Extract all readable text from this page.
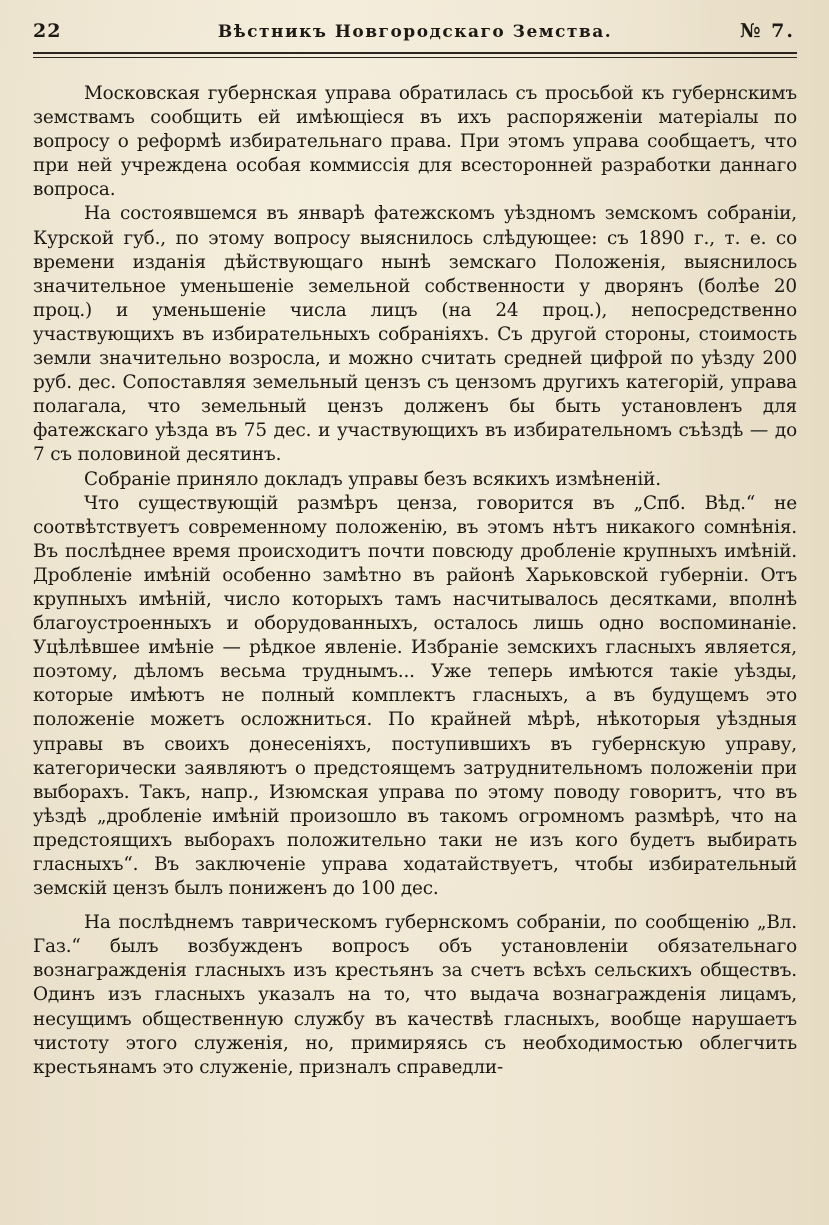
22	Вѣстникъ Новгородскаго Земства.	№ 7.

Московская губернская управа обратилась съ просьбой къ губернскимъ земствамъ сообщить ей имѣющіеся въ ихъ распоряженіи матеріалы по вопросу о реформѣ избирательнаго права. При этомъ управа сообщаетъ, что при ней учреждена особая коммиссія для всесторонней разработки даннаго вопроса.

На состоявшемся въ январѣ фатежскомъ уѣздномъ земскомъ собраніи, Курской губ., по этому вопросу выяснилось слѣдующее: съ 1890 г., т. е. со времени изданія дѣйствующаго нынѣ земскаго Положенія, выяснилось значительное уменьшеніе земельной собственности у дворянъ (болѣе 20 проц.) и уменьшеніе числа лицъ (на 24 проц.), непосредственно участвующихъ въ избирательныхъ собраніяхъ. Съ другой стороны, стоимость земли значительно возросла, и можно считать средней цифрой по уѣзду 200 руб. дес. Сопоставляя земельный цензъ съ цензомъ другихъ категорій, управа полагала, что земельный цензъ долженъ бы быть установленъ для фатежскаго уѣзда въ 75 дес. и участвующихъ въ избирательномъ съѣздѣ — до 7 съ половиной десятинъ.

Собраніе приняло докладъ управы безъ всякихъ измѣненій.

Что существующій размѣръ ценза, говорится въ „Спб. Вѣд.“ не соотвѣтствуетъ современному положенію, въ этомъ нѣтъ никакого сомнѣнія. Въ послѣднее время происходитъ почти повсюду дробленіе крупныхъ имѣній. Дробленіе имѣній особенно замѣтно въ районѣ Харьковской губерніи. Отъ крупныхъ имѣній, число которыхъ тамъ насчитывалось десятками, вполнѣ благоустроенныхъ и оборудованныхъ, осталось лишь одно воспоминаніе. Уцѣлѣвшее имѣніе — рѣдкое явленіе. Избраніе земскихъ гласныхъ является, поэтому, дѣломъ весьма труднымъ... Уже теперь имѣются такіе уѣзды, которые имѣютъ не полный комплектъ гласныхъ, а въ будущемъ это положеніе можетъ осложниться. По крайней мѣрѣ, нѣкоторыя уѣздныя управы въ своихъ донесеніяхъ, поступившихъ въ губернскую управу, категорически заявляютъ о предстоящемъ затруднительномъ положеніи при выборахъ. Такъ, напр., Изюмская управа по этому поводу говоритъ, что въ уѣздѣ „дробленіе имѣній произошло въ такомъ огромномъ размѣрѣ, что на предстоящихъ выборахъ положительно таки не изъ кого будетъ выбирать гласныхъ“. Въ заключеніе управа ходатайствуетъ, чтобы избирательный земскій цензъ былъ пониженъ до 100 дес.

На послѣднемъ таврическомъ губернскомъ собраніи, по сообщенію „Вл. Газ.“ былъ возбужденъ вопросъ объ установленіи обязательнаго вознагражденія гласныхъ изъ крестьянъ за счетъ всѣхъ сельскихъ обществъ. Одинъ изъ гласныхъ указалъ на то, что выдача вознагражденія лицамъ, несущимъ общественную службу въ качествѣ гласныхъ, вообще нарушаетъ чистоту этого служенія, но, примиряясь съ необходимостью облегчить крестьянамъ это служеніе, призналъ справедли-
